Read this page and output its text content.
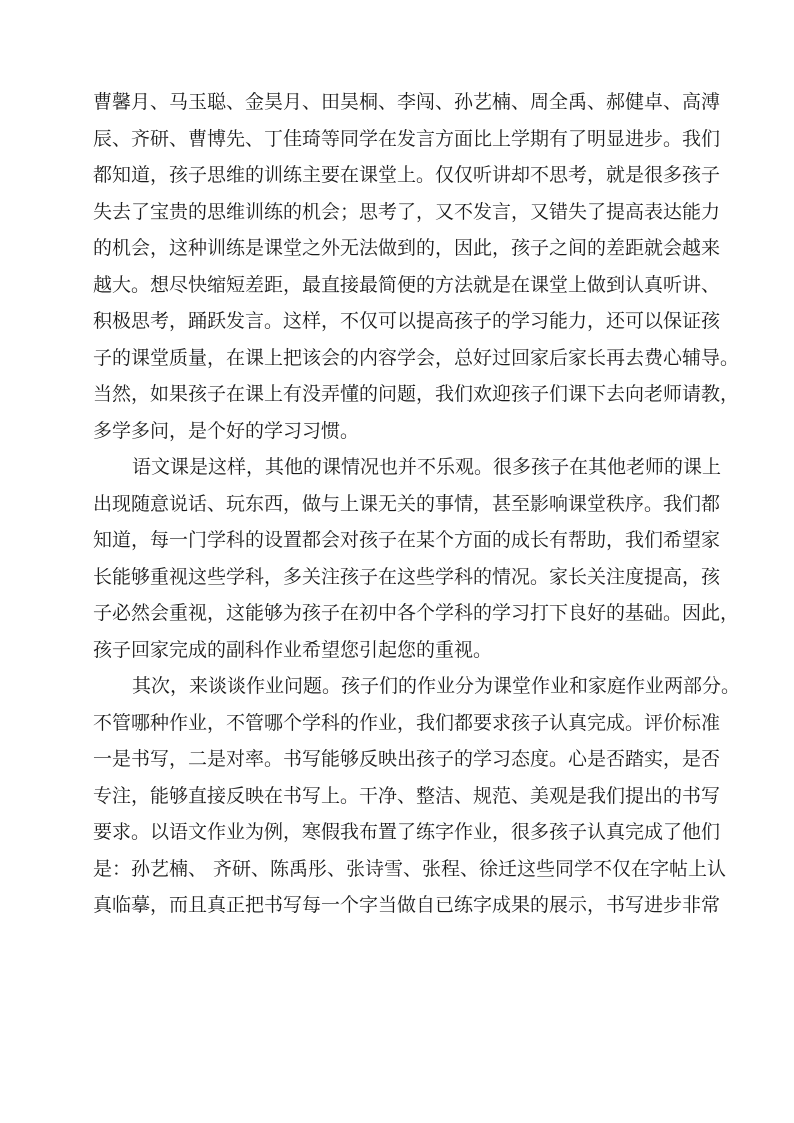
曹馨月、马玉聪、金昊月、田昊桐、李闯、孙艺楠、周全禹、郝健卓、高溥
辰、齐研、曹博先、丁佳琦等同学在发言方面比上学期有了明显进步。我们
都知道，孩子思维的训练主要在课堂上。仅仅听讲却不思考，就是很多孩子
失去了宝贵的思维训练的机会；思考了，又不发言，又错失了提高表达能力
的机会，这种训练是课堂之外无法做到的，因此，孩子之间的差距就会越来
越大。想尽快缩短差距，最直接最简便的方法就是在课堂上做到认真听讲、
积极思考，踊跃发言。这样，不仅可以提高孩子的学习能力，还可以保证孩
子的课堂质量，在课上把该会的内容学会，总好过回家后家长再去费心辅导。
当然，如果孩子在课上有没弄懂的问题，我们欢迎孩子们课下去向老师请教，
多学多问，是个好的学习习惯。
语文课是这样，其他的课情况也并不乐观。很多孩子在其他老师的课上
出现随意说话、玩东西，做与上课无关的事情，甚至影响课堂秩序。我们都
知道，每一门学科的设置都会对孩子在某个方面的成长有帮助，我们希望家
长能够重视这些学科，多关注孩子在这些学科的情况。家长关注度提高，孩
子必然会重视，这能够为孩子在初中各个学科的学习打下良好的基础。因此，
孩子回家完成的副科作业希望您引起您的重视。
其次，来谈谈作业问题。孩子们的作业分为课堂作业和家庭作业两部分。
不管哪种作业，不管哪个学科的作业，我们都要求孩子认真完成。评价标准
一是书写，二是对率。书写能够反映出孩子的学习态度。心是否踏实，是否
专注，能够直接反映在书写上。干净、整洁、规范、美观是我们提出的书写
要求。以语文作业为例，寒假我布置了练字作业，很多孩子认真完成了他们
是：孙艺楠、 齐研、陈禹彤、张诗雪、张程、徐迁这些同学不仅在字帖上认
真临摹，而且真正把书写每一个字当做自已练字成果的展示，书写进步非常
